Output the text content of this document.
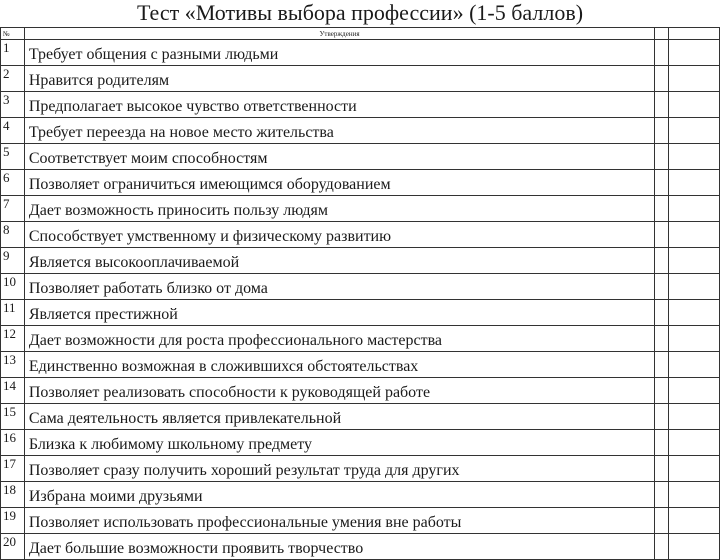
Тест «Мотивы выбора профессии» (1-5 баллов)
№	Утверждения		
1	Требует общения с разными людьми		
2	Нравится родителям		
3	Предполагает высокое чувство ответственности		
4	Требует переезда на новое место жительства		
5	Соответствует моим способностям		
6	Позволяет ограничиться имеющимся оборудованием		
7	Дает возможность приносить пользу людям		
8	Способствует умственному и физическому развитию		
9	Является высокооплачиваемой		
10	Позволяет работать близко от дома		
11	Является престижной		
12	Дает возможности для роста профессионального мастерства		
13	Единственно возможная в сложившихся обстоятельствах		
14	Позволяет реализовать способности к руководящей работе		
15	Сама деятельность является привлекательной		
16	Близка к любимому школьному предмету		
17	Позволяет сразу получить хороший результат труда для других		
18	Избрана моими друзьями		
19	Позволяет использовать профессиональные умения вне работы		
20	Дает большие возможности проявить творчество		
